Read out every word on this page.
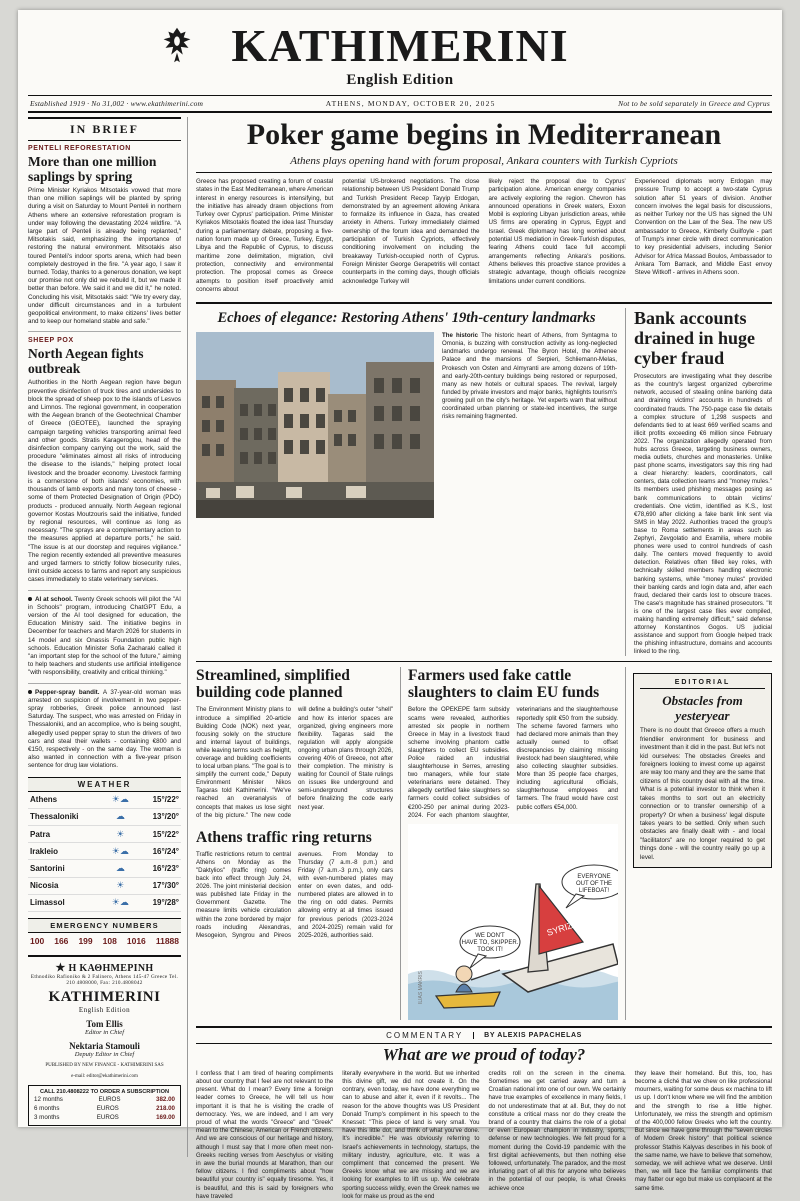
KATHIMERINI
English Edition
Established 1919 · No 31,002 · www.ekathimerini.com	ATHENS, MONDAY, OCTOBER 20, 2025	Not to be sold separately in Greece and Cyprus
IN BRIEF
PENTELI REFORESTATION
More than one million saplings by spring
Prime Minister Kyriakos Mitsotakis vowed that more than one million saplings will be planted by spring during a visit on Saturday to Mount Penteli in northern Athens where an extensive reforestation program is under way following the devastating 2024 wildfire. "A large part of Penteli is already being replanted," Mitsotakis said, emphasizing the importance of restoring the natural environment. Mitsotakis also toured Penteli's indoor sports arena, which had been completely destroyed in the fire. "A year ago, I saw it burned. Today, thanks to a generous donation, we kept our promise not only did we rebuild it, but we made it better than before. We said it and we did it," he noted. Concluding his visit, Mitsotakis said: "We try every day, under difficult circumstances and in a turbulent geopolitical environment, to make citizens' lives better and to keep our homeland stable and safe."
SHEEP POX
North Aegean fights outbreak
Authorities in the North Aegean region have begun preventive disinfection of truck tires and undersides to block the spread of sheep pox to the islands of Lesvos and Limnos. The regional government, in cooperation with the Aegean branch of the Geotechnical Chamber of Greece (GEOTEE), launched the spraying campaign targeting vehicles transporting animal feed and other goods. Stratis Karagerogiou, head of the disinfection company carrying out the work, said the procedure "eliminates almost all risks of introducing the disease to the islands," helping protect local livestock and the broader economy. Livestock farming is a cornerstone of both islands' economies, with thousands of lamb exports and many tons of cheese - some of them Protected Designation of Origin (PDO) products - produced annually. North Aegean regional governor Kostas Moutzouris said the initiative, funded by regional resources, will continue as long as necessary. "The sprays are a complementary action to the measures applied at departure ports," he said. "The issue is at our doorstep and requires vigilance." The region recently extended all preventive measures and urged farmers to strictly follow biosecurity rules, limit outside access to farms and report any suspicious cases immediately to state veterinary services.
AI at school. Twenty Greek schools will pilot the "AI in Schools" program, introducing ChatGPT Edu, a version of the AI tool designed for education, the Education Ministry said. The initiative begins in December for teachers and March 2026 for students in 14 model and six Onassis Foundation public high schools. Education Minister Sofia Zacharaki called it "an important step for the school of the future," aiming to help teachers and students use artificial intelligence "with responsibility, creativity and critical thinking."
Pepper-spray bandit. A 37-year-old woman was arrested on suspicion of involvement in two pepper-spray robberies, Greek police announced last Saturday. The suspect, who was arrested on Friday in Thessaloniki, and an accomplice, who is being sought, allegedly used pepper spray to stun the drivers of two cars and steal their wallets - containing €800 and €150, respectively - on the same day. The woman is also wanted in connection with a five-year prison sentence for drug law violations.
WEATHER
Athens	☀☁	15°/22°
Thessaloniki	☁	13°/20°
Patra	☀	15°/22°
Irakleio	☀☁	16°/24°
Santorini	☁	16°/23°
Nicosia	☀	17°/30°
Limassol	☀☁	19°/28°
EMERGENCY NUMBERS
100 166 199 108 1016 11888
★ Η ΚΑΘΗΜΕΡΙΝΗ
Ethnodiko Rafioniko & 2 Falinero, Athens 145-47 Greece Tel. 210 4808000, Fax: 210.4808042
KATHIMERINI
English Edition
Tom Ellis
Editor in Chief
Nektaria Stamouli
Deputy Editor in Chief
PUBLISHED BY NEW FINANCE - KATHIMERINI SAS
e-mail: editor@ekathimerini.com
CALL 210.4808222 TO ORDER A SUBSCRIPTION
12 months	EUROS	382.00
6 months	EUROS	218.00
3 months	EUROS	169.00
Poker game begins in Mediterranean
Athens plays opening hand with forum proposal, Ankara counters with Turkish Cypriots
Greece has proposed creating a forum of coastal states in the East Mediterranean, where American interest in energy resources is intensifying, but the initiative has already drawn objections from Turkey over Cyprus' participation. Prime Minister Kyriakos Mitsotakis floated the idea last Thursday during a parliamentary debate, proposing a five-nation forum made up of Greece, Turkey, Egypt, Libya and the Republic of Cyprus, to discuss maritime zone delimitation, migration, civil protection, connectivity and environmental protection. The proposal comes as Greece attempts to position itself proactively amid concerns about
potential US-brokered negotiations. The close relationship between US President Donald Trump and Turkish President Recep Tayyip Erdogan, demonstrated by an agreement allowing Ankara to formalize its influence in Gaza, has created anxiety in Athens. Turkey immediately claimed ownership of the forum idea and demanded the participation of Turkish Cypriots, effectively conditioning involvement on including the breakaway Turkish-occupied north of Cyprus. Foreign Minister George Gerapetritis will contact counterparts in the coming days, though officials acknowledge Turkey will
likely reject the proposal due to Cyprus' participation alone. American energy companies are actively exploring the region. Chevron has announced operations in Greek waters, Exxon Mobil is exploring Libyan jurisdiction areas, while US firms are operating in Cyprus, Egypt and Israel. Greek diplomacy has long worried about potential US mediation in Greek-Turkish disputes, fearing Athens could face full accompli arrangements reflecting Ankara's positions. Athens believes this proactive stance provides a strategic advantage, though officials recognize limitations under current conditions.
Experienced diplomats worry Erdogan may pressure Trump to accept a two-state Cyprus solution after 51 years of division. Another concern involves the legal basis for discussions, as neither Turkey nor the US has signed the UN Convention on the Law of the Sea. The new US ambassador to Greece, Kimberly Guilfoyle - part of Trump's inner circle with direct communication to key presidential advisers, including Senior Advisor for Africa Massad Boulos, Ambassador to Ankara Tom Barrack, and Middle East envoy Steve Witkoff - arrives in Athens soon.
Echoes of elegance: Restoring Athens' 19th-century landmarks
The historic The historic heart of Athens, from Syntagma to Omonia, is buzzing with construction activity as long-neglected landmarks undergo renewal. The Byron Hotel, the Athenee Palace and the mansions of Serpieri, Schliemann-Melas, Prokesch von Osten and Almyranti are among dozens of 19th- and early-20th-century buildings being restored or repurposed, many as new hotels or cultural spaces. The revival, largely funded by private investors and major banks, highlights tourism's growing pull on the city's heritage. Yet experts warn that without coordinated urban planning or state-led incentives, the surge risks remaining fragmented.
Bank accounts drained in huge cyber fraud
Prosecutors are investigating what they describe as the country's largest organized cybercrime network, accused of stealing online banking data and draining victims' accounts in hundreds of coordinated frauds. The 750-page case file details a complex structure of 1,298 suspects and defendants tied to at least 669 verified scams and illicit profits exceeding €6 million since February 2022. The organization allegedly operated from hubs across Greece, targeting business owners, media outlets, churches and monasteries. Unlike past phone scams, investigators say this ring had a clear hierarchy: leaders, coordinators, call centers, data collection teams and "money mules." Its members used phishing messages posing as bank communications to obtain victims' credentials. One victim, identified as K.S., lost €78,690 after clicking a fake bank link sent via SMS in May 2022. Authorities traced the group's base to Roma settlements in areas such as Zephyri, Zevgolatio and Examilia, where mobile phones were used to control hundreds of cash daily. The centers moved frequently to avoid detection. Relatives often filled key roles, with technically skilled members handling electronic banking systems, while "money mules" provided their banking cards and login data and, after each fraud, declared their cards lost to obscure traces. The case's magnitude has strained prosecutors. "It is one of the largest case files ever compiled, making handling extremely difficult," said defense attorney Konstantinos Gogos. US judicial assistance and support from Google helped track the phishing infrastructure, domains and accounts linked to the ring.
Streamlined, simplified building code planned
The Environment Ministry plans to introduce a simplified 20-article Building Code (NOK) next year, focusing solely on the structure and internal layout of buildings, while leaving terms such as height, coverage and building coefficients to local urban plans. "The goal is to simplify the current code," Deputy Environment Minister Nikos Tagaras told Kathimerini. "We've reached an overanalysis of concepts that makes us lose sight of the big picture." The new code will define a building's outer "shell" and how its interior spaces are organized, giving engineers more flexibility. Tagaras said the regulation will apply alongside ongoing urban plans through 2026, covering 40% of Greece, not after their completion. The ministry is waiting for Council of State rulings on issues like underground and semi-underground structures before finalizing the code early next year.
Athens traffic ring returns
Traffic restrictions return to central Athens on Monday as the "Daktylios" (traffic ring) comes back into effect through July 24, 2026. The joint ministerial decision was published late Friday in the Government Gazette. The measure limits vehicle circulation within the zone bordered by major roads including Alexandras, Mesogeion, Syngrou and Pireos avenues. From Monday to Thursday (7 a.m.-8 p.m.) and Friday (7 a.m.-3 p.m.), only cars with even-numbered plates may enter on even dates, and odd-numbered plates are allowed in to the ring on odd dates. Permits allowing entry at all times issued for previous periods (2023-2024 and 2024-2025) remain valid for 2025-2026, authorities said.
Farmers used fake cattle slaughters to claim EU funds
Before the OPEKEPE farm subsidy scams were revealed, authorities arrested six people in northern Greece in May in a livestock fraud scheme involving phantom cattle slaughters to collect EU subsidies. Police raided an industrial slaughterhouse in Serres, arresting two managers, while four state veterinarians were detained. They allegedly certified fake slaughters so farmers could collect subsidies of €200-250 per animal during 2023-2024. For each phantom slaughter, veterinarians and the slaughterhouse reportedly split €50 from the subsidy. The scheme favored farmers who had declared more animals than they actually owned to offset discrepancies by claiming missing livestock had been slaughtered, while also collecting slaughter subsidies. More than 35 people face charges, including agricultural officials, slaughterhouse employees and farmers. The fraud would have cost public coffers €54,000.
SYRIZA
EVERYONE
OUT OF THE
LIFEBOAT!
WE DON'T
HAVE TO, SKIPPER.
TOOK IT!
ILIAS MAKRIS
EDITORIAL
Obstacles from yesteryear
There is no doubt that Greece offers a much friendlier environment for business and investment than it did in the past. But let's not kid ourselves: The obstacles Greeks and foreigners looking to invest come up against are way too many and they are the same that citizens of this country deal with all the time. What is a potential investor to think when it takes months to sort out an electricity connection or to transfer ownership of a property? Or when a business' legal dispute takes years to be settled. Only when such obstacles are finally dealt with - and local "facilitators" are no longer required to get things done - will the country really go up a level.
COMMENTARY	BY ALEXIS PAPACHELAS
What are we proud of today?
I confess that I am tired of hearing compliments about our country that I feel are not relevant to the present. What do I mean? Every time a foreign leader comes to Greece, he will tell us how important it is that he is visiting the cradle of democracy. Yes, we are indeed, and I am very proud of what the words "Greece" and "Greek" mean to the Chinese, American or French citizens. And we are conscious of our heritage and history, although I must say that I more often meet non-Greeks reciting verses from Aeschylus or visiting in awe the burial mounds at Marathon, than our fellow citizens. I find compliments about "how beautiful your country is" equally tiresome. Yes, it is beautiful, and this is said by foreigners who have traveled
literally everywhere in the world. But we inherited this divine gift, we did not create it. On the contrary, even today, we have done everything we can to abuse and alter it, even if it revolts... The reason for the above thoughts was US President Donald Trump's compliment in his speech to the Knesset: "This piece of land is very small. You have this little dot, and think of what you've done. It's incredible." He was obviously referring to Israel's achievements in technology, startups, the military industry, agriculture, etc. It was a compliment that concerned the present. We Greeks know what we are missing and we are looking for examples to lift us up. We celebrate sporting success wildly, even the Greek names we look for make us proud as the end
credits roll on the screen in the cinema. Sometimes we get carried away and turn a Croatian national into one of our own. We certainly have true examples of excellence in many fields, I do not underestimate that at all. But, they do not constitute a critical mass nor do they create the brand of a country that claims the role of a global or even European champion in industry, sports, defense or new technologies. We felt proud for a moment during the Covid-19 pandemic with the first digital achievements, but then nothing else followed, unfortunately. The paradox, and the most infuriating part of all this for anyone who believes in the potential of our people, is what Greeks achieve once
they leave their homeland. But this, too, has become a cliché that we chew on like professional mourners, waiting for some deus ex machina to lift us up. I don't know where we will find the ambition and the strength to rise a little higher. Unfortunately, we miss the strength and optimism of the 400,000 fellow Greeks who left the country. But since we have gone through the "seven circles of Modern Greek history" that political science professor Stathis Kalyvas describes in his book of the same name, we have to believe that somehow, someday, we will achieve what we deserve. Until then, we will face the familiar compliments that may flatter our ego but make us complacent at the same time.
